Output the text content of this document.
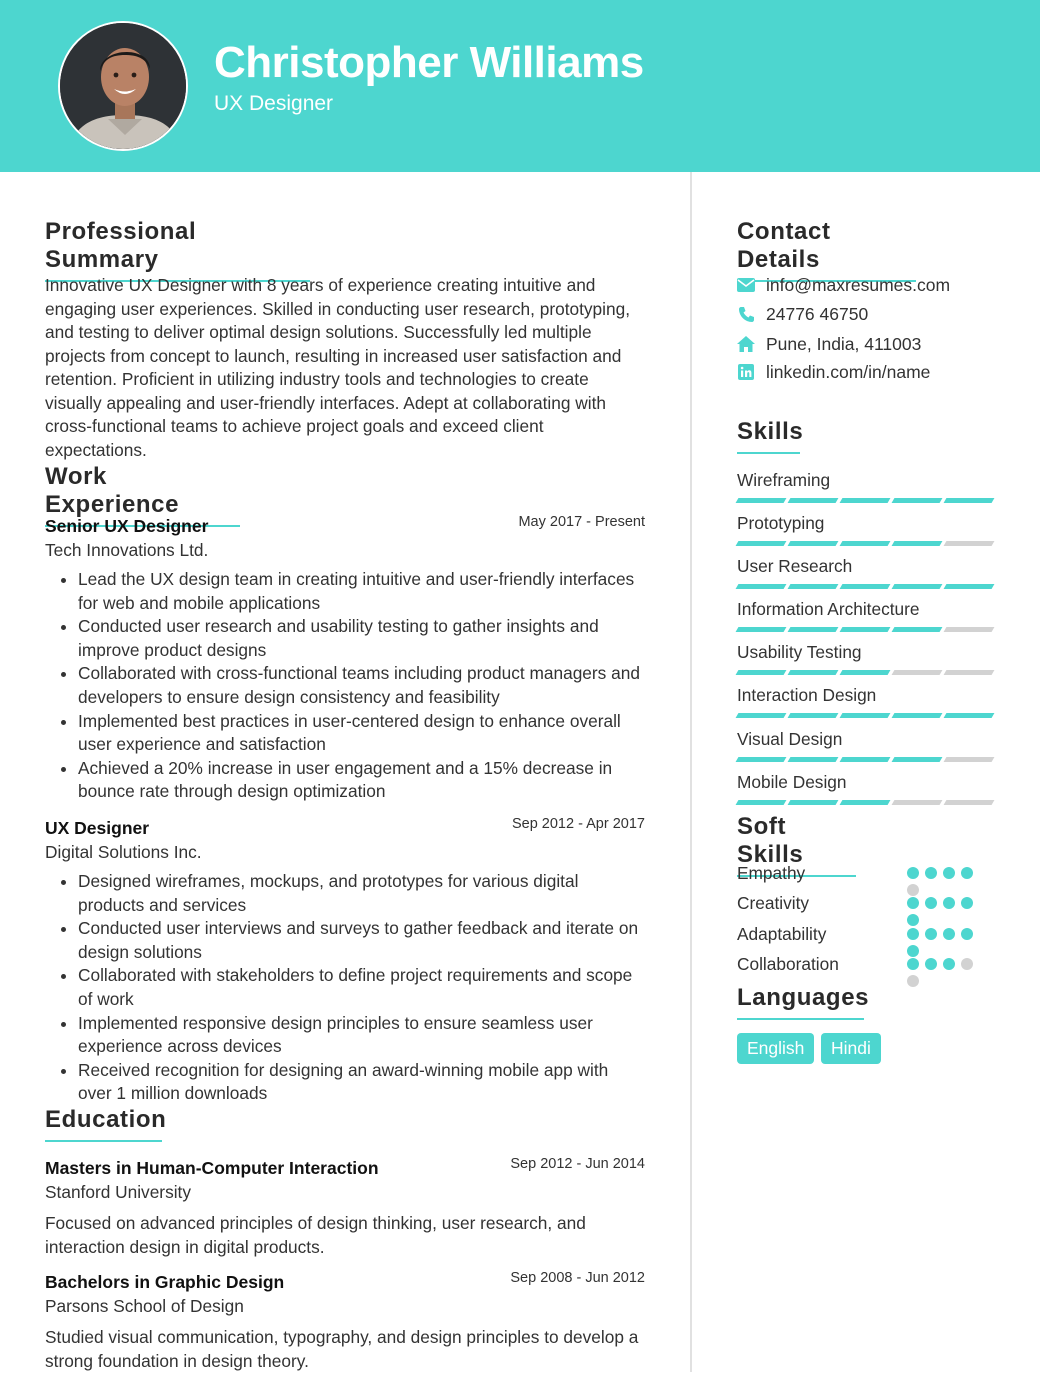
Christopher Williams
UX Designer
Professional Summary

Innovative UX Designer with 8 years of experience creating intuitive and engaging user experiences. Skilled in conducting user research, prototyping, and testing to deliver optimal design solutions. Successfully led multiple projects from concept to launch, resulting in increased user satisfaction and retention. Proficient in utilizing industry tools and technologies to create visually appealing and user-friendly interfaces. Adept at collaborating with cross-functional teams to achieve project goals and exceed client expectations.

Work Experience
Senior UX Designer	May 2017 - Present
Tech Innovations Ltd.
• Lead the UX design team in creating intuitive and user-friendly interfaces for web and mobile applications
• Conducted user research and usability testing to gather insights and improve product designs
• Collaborated with cross-functional teams including product managers and developers to ensure design consistency and feasibility
• Implemented best practices in user-centered design to enhance overall user experience and satisfaction
• Achieved a 20% increase in user engagement and a 15% decrease in bounce rate through design optimization
UX Designer	Sep 2012 - Apr 2017
Digital Solutions Inc.
• Designed wireframes, mockups, and prototypes for various digital products and services
• Conducted user interviews and surveys to gather feedback and iterate on design solutions
• Collaborated with stakeholders to define project requirements and scope of work
• Implemented responsive design principles to ensure seamless user experience across devices
• Received recognition for designing an award-winning mobile app with over 1 million downloads
Education
Masters in Human-Computer Interaction	Sep 2012 - Jun 2014
Stanford University
Focused on advanced principles of design thinking, user research, and interaction design in digital products.
Bachelors in Graphic Design	Sep 2008 - Jun 2012
Parsons School of Design
Studied visual communication, typography, and design principles to develop a strong foundation in design theory.
Contact Details
info@maxresumes.com
24776 46750
Pune, India, 411003
linkedin.com/in/name
Skills
Wireframing
Prototyping
User Research
Information Architecture
Usability Testing
Interaction Design
Visual Design
Mobile Design
Soft Skills
Empathy
Creativity
Adaptability
Collaboration
Languages
English	Hindi
